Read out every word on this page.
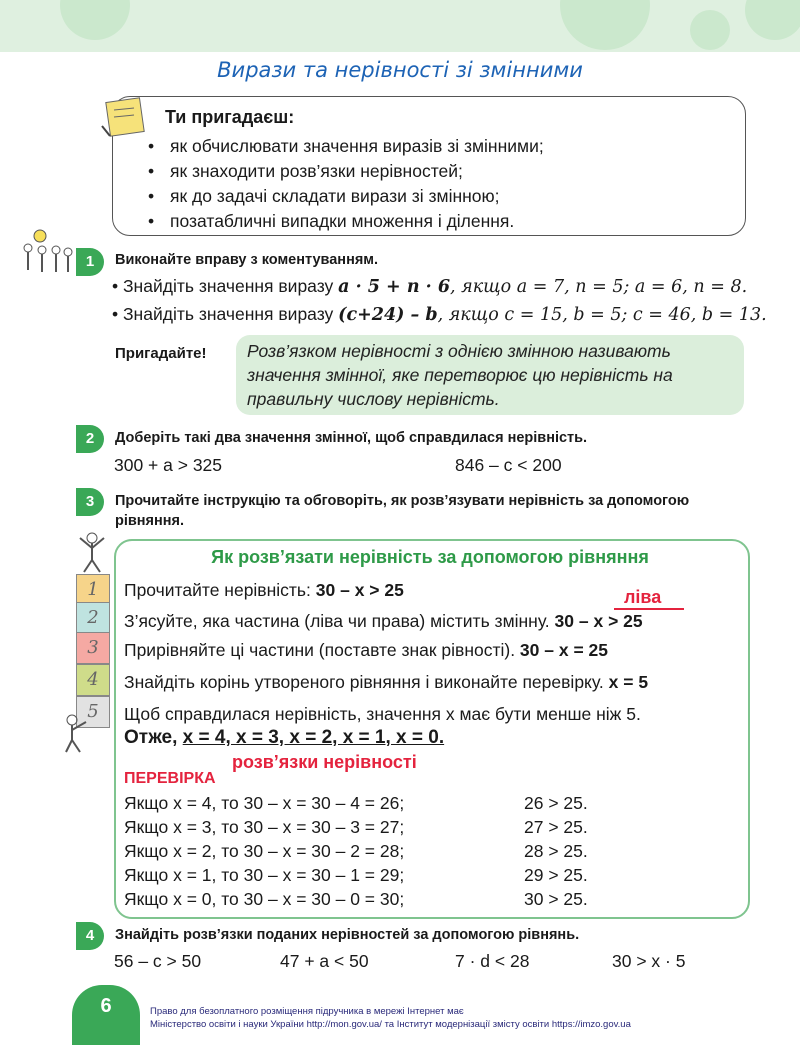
Вирази та нерівності зі змінними
Ти пригадаєш:
• як обчислювати значення виразів зі змінними;
• як знаходити розв’язки нерівностей;
• як до задачі складати вирази зі змінною;
• позатабличні випадки множення і ділення.
1	Виконайте вправу з коментуванням.
• Знайдіть значення виразу a · 5 + n · 6, якщо a = 7, n = 5; a = 6, n = 8.
• Знайдіть значення виразу (c+24) – b, якщо c = 15, b = 5; c = 46, b = 13.
Пригадайте! Розв’язком нерівності з однією змінною називають значення змінної, яке перетворює цю нерівність на правильну числову нерівність.
2	Доберіть такі два значення змінної, щоб справдилася нерівність.
300 + a > 325	846 – c < 200
3	Прочитайте інструкцію та обговоріть, як розв’язувати нерівність за допомогою
рівняння.
1
2
3
4
5
Як розв’язати нерівність за допомогою рівняння
Прочитайте нерівність: 30 – x > 25	ліва
З’ясуйте, яка частина (ліва чи права) містить змінну. 30 – x > 25
Прирівняйте ці частини (поставте знак рівності). 30 – x = 25
Знайдіть корінь утвореного рівняння і виконайте перевірку. x = 5
Щоб справдилася нерівність, значення x має бути менше ніж 5.
Отже, x = 4, x = 3, x = 2, x = 1, x = 0.
розв’язки нерівності
ПЕРЕВІРКА
Якщо x = 4, то 30 – x = 30 – 4 = 26;	26 > 25.
Якщо x = 3, то 30 – x = 30 – 3 = 27;	27 > 25.
Якщо x = 2, то 30 – x = 30 – 2 = 28;	28 > 25.
Якщо x = 1, то 30 – x = 30 – 1 = 29;	29 > 25.
Якщо x = 0, то 30 – x = 30 – 0 = 30;	30 > 25.
4	Знайдіть розв’язки поданих нерівностей за допомогою рівнянь.
56 – c > 50	47 + a < 50	7 · d < 28	30 > x · 5
6	Право для безоплатного розміщення підручника в мережі Інтернет має
Міністерство освіти і науки України http://mon.gov.ua/ та Інститут модернізації змісту освіти https://imzo.gov.ua
